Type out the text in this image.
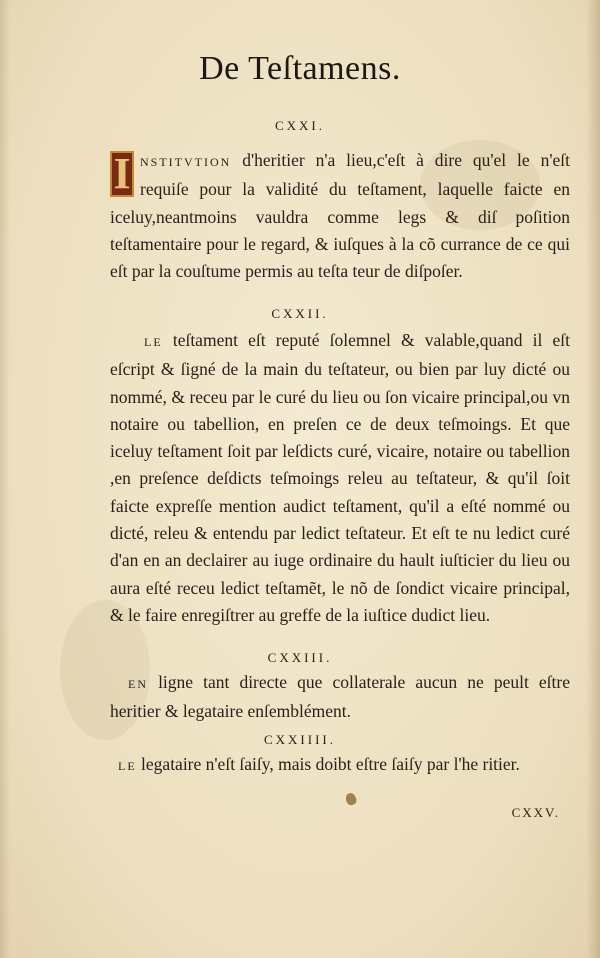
De Teſtamens.
CXXI.
I NSTITVTION d'heritier n'a lieu,c'eſt à dire qu'el le n'eſt requiſe pour la validité du teſtament, laquelle faicte en iceluy,neantmoins vauldra comme legs & diſ poſition teſtamentaire pour le regard, & iuſques à la cõ currance de ce qui eſt par la couſtume permis au teſta teur de diſpoſer.
CXXII.
LE teſtament eſt reputé ſolemnel & valable,quand il eſt eſcript & ſigné de la main du teſtateur, ou bien par luy dicté ou nommé, & receu par le curé du lieu ou ſon vicaire principal,ou vn notaire ou tabellion, en preſen ce de deux teſmoings. Et que iceluy teſtament ſoit par leſdicts curé, vicaire, notaire ou tabellion ,en preſence deſdicts teſmoings releu au teſtateur, & qu'il ſoit faicte expreſſe mention audict teſtament, qu'il a eſté nommé ou dicté, releu & entendu par ledict teſtateur. Et eſt te nu ledict curé d'an en an declairer au iuge ordinaire du hault iuſticier du lieu ou aura eſté receu ledict teſtamẽt, le nõ de ſondict vicaire principal, & le faire enregiſtrer au greffe de la iuſtice dudict lieu.
CXXIII.
EN ligne tant directe que collaterale aucun ne peult eſtre heritier & legataire enſemblément.
CXXIIII.
LE legataire n'eſt ſaiſy, mais doibt eſtre ſaiſy par l'he ritier.
CXXV.
